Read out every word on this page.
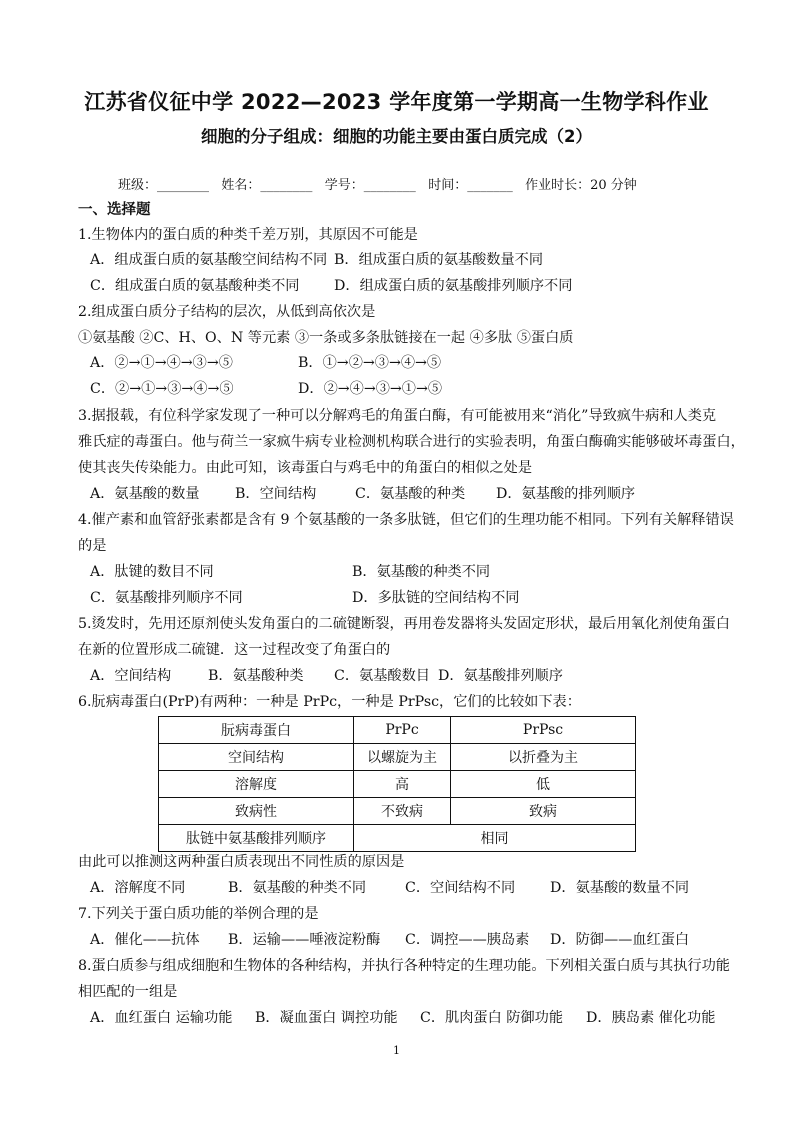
江苏省仪征中学 2022—2023 学年度第一学期高一生物学科作业
细胞的分子组成：细胞的功能主要由蛋白质完成（2）
班级：________   姓名：________   学号：________   时间：_______   作业时长：20 分钟
一、选择题
1.生物体内的蛋白质的种类千差万别，其原因不可能是
A．组成蛋白质的氨基酸空间结构不同 B．组成蛋白质的氨基酸数量不同
C．组成蛋白质的氨基酸种类不同 D．组成蛋白质的氨基酸排列顺序不同
2.组成蛋白质分子结构的层次，从低到高依次是
①氨基酸 ②C、H、O、N 等元素 ③一条或多条肽链接在一起 ④多肽 ⑤蛋白质
A．②→①→④→③→⑤	B．①→②→③→④→⑤
C．②→①→③→④→⑤	D．②→④→③→①→⑤
3.据报载，有位科学家发现了一种可以分解鸡毛的角蛋白酶，有可能被用来“消化”导致疯牛病和人类克
雅氏症的毒蛋白。他与荷兰一家疯牛病专业检测机构联合进行的实验表明，角蛋白酶确实能够破坏毒蛋白，
使其丧失传染能力。由此可知，该毒蛋白与鸡毛中的角蛋白的相似之处是
A．氨基酸的数量 B．空间结构	C．氨基酸的种类 D．氨基酸的排列顺序
4.催产素和血管舒张素都是含有 9 个氨基酸的一条多肽链，但它们的生理功能不相同。下列有关解释错误
的是
A．肽键的数目不同	B．氨基酸的种类不同
C．氨基酸排列顺序不同	D．多肽链的空间结构不同
5.烫发时，先用还原剂使头发角蛋白的二硫键断裂，再用卷发器将头发固定形状，最后用氧化剂使角蛋白
在新的位置形成二硫键．这一过程改变了角蛋白的
A．空间结构	B．氨基酸种类 C．氨基酸数目 D．氨基酸排列顺序
6.朊病毒蛋白(PrP)有两种：一种是 PrPc，一种是 PrPsc，它们的比较如下表：
朊病毒蛋白	PrPc	PrPsc
空间结构	以螺旋为主	以折叠为主
溶解度	高	低
致病性	不致病	致病
肽链中氨基酸排列顺序	相同	
由此可以推测这两种蛋白质表现出不同性质的原因是
A．溶解度不同	B．氨基酸的种类不同	C．空间结构不同 D．氨基酸的数量不同
7.下列关于蛋白质功能的举例合理的是
A．催化——抗体 B．运输——唾液淀粉酶 C．调控——胰岛素 D．防御——血红蛋白
8.蛋白质参与组成细胞和生物体的各种结构，并执行各种特定的生理功能。下列相关蛋白质与其执行功能
相匹配的一组是
A．血红蛋白 运输功能 B．凝血蛋白 调控功能 C．肌肉蛋白 防御功能 D．胰岛素 催化功能
1
